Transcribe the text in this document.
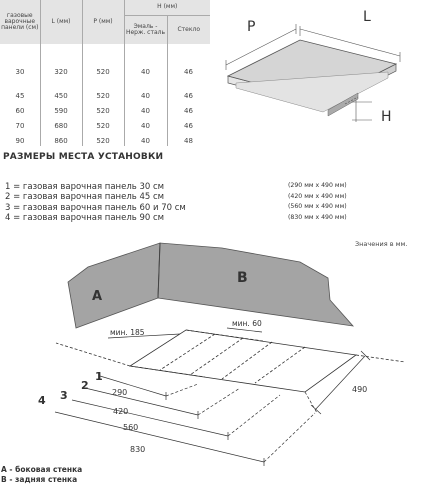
газовые варочные панели (см)	L (мм)	P (мм)	H (мм)	
			Эмаль - Нерж. сталь	Стекло
30	320	520	40	46
45	450	520	40	46
60	590	520	40	46
70	680	520	40	46
90	860	520	40	48
P
L
H
A
B
мин. 185
мин. 60
490
290
420
560
830
1
2
3
4
РАЗМЕРЫ МЕСТА УСТАНОВКИ
1 = газовая варочная панель 30 см
2 = газовая варочная панель 45 см
3 = газовая варочная панель 60 и 70 см
4 = газовая варочная панель 90 см
(290 мм x 490 мм)
(420 мм x 490 мм)
(560 мм x 490 мм)
(830 мм x 490 мм)
Значения в мм.
A - боковая стенка
B - задняя стенка
